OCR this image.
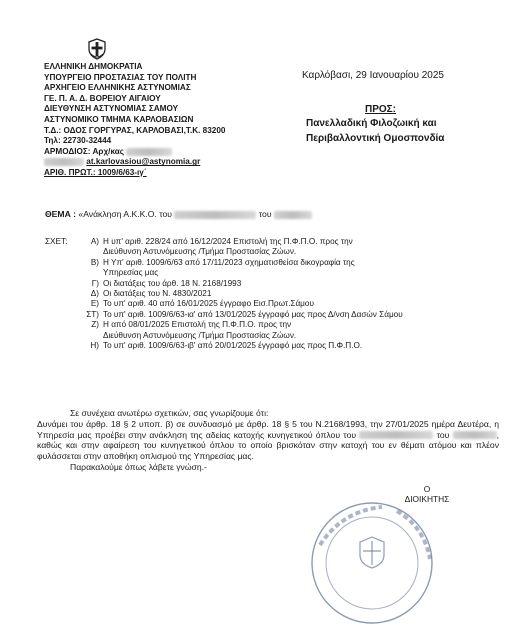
ΕΛΛΗΝΙΚΗ ΔΗΜΟΚΡΑΤΙΑ
ΥΠΟΥΡΓΕΙΟ ΠΡΟΣΤΑΣΙΑΣ ΤΟΥ ΠΟΛΙΤΗ
ΑΡΧΗΓΕΙΟ ΕΛΛΗΝΙΚΗΣ ΑΣΤΥΝΟΜΙΑΣ
ΓΕ. Π. Α. Δ. ΒΟΡΕΙΟΥ ΑΙΓΑΙΟΥ
ΔΙΕΥΘΥΝΣΗ ΑΣΤΥΝΟΜΙΑΣ ΣΑΜΟΥ
ΑΣΤΥΝΟΜΙΚΟ ΤΜΗΜΑ ΚΑΡΛΟΒΑΣΙΩΝ
Τ.Δ.: ΟΔΟΣ ΓΟΡΓΥΡΑΣ, ΚΑΡΛΟΒΑΣΙ,Τ.Κ. 83200
Τηλ: 22730-32444
ΑΡΜΟΔΙΟΣ: Αρχ/κας
at.karlovasiou@astynomia.gr
ΑΡΙΘ. ΠΡΩΤ.: 1009/6/63-ιγ΄
Καρλόβασι, 29 Ιανουαρίου 2025
ΠΡΟΣ:
Πανελλαδική Φιλοζωική και
Περιβαλλοντική Ομοσπονδία
ΘΕΜΑ : «Ανάκληση Α.Κ.Κ.Ο. του	του
ΣΧΕΤ:	Α) Η υπ' αριθ. 228/24 από 16/12/2024 Επιστολή της Π.Φ.Π.Ο. προς την
Διεύθυνση Αστυνόμευσης /Τμήμα Προστασίας Ζώων.
Β) Η Υπ' αριθ. 1009/6/63 από 17/11/2023 σχηματισθείσα δικογραφία της
Υπηρεσίας μας
Γ) Οι διατάξεις του άρθ. 18 Ν. 2168/1993
Δ) Οι διατάξεις του Ν. 4830/2021
Ε) Το υπ' αριθ. 40 από 16/01/2025 έγγραφο Εισ.Πρωτ.Σάμου
ΣΤ) Το υπ' αριθ. 1009/6/63-ια' από 13/01/2025 έγγραφό μας προς Δ/νση Δασών Σάμου
Ζ) Η από 08/01/2025 Επιστολή της Π.Φ.Π.Ο. προς την
Διεύθυνση Αστυνόμευσης /Τμήμα Προστασίας Ζώων.
Η) Το υπ' αριθ. 1009/6/63-ιβ' από 20/01/2025 έγγραφό μας προς Π.Φ.Π.Ο.
Σε συνέχεια ανωτέρω σχετικών, σας γνωρίζουμε ότι:
Δυνάμει του άρθρ. 18 § 2 υποπ. β) σε συνδυασμό με άρθρ. 18 § 5 του Ν.2168/1993, την 27/01/2025 ημέρα Δευτέρα, η Υπηρεσία μας προέβει στην ανάκληση της αδείας κατοχής κυνηγετικού όπλου του	του	, καθώς και στην αφαίρεση του κυνηγετικού όπλου το οποίο βρισκόταν στην κατοχή του εν θέματι ατόμου και πλέον φυλάσσεται στην αποθήκη οπλισμού της Υπηρεσίας μας.
Παρακαλούμε όπως λάβετε γνώση.-
Ο
ΔΙΟΙΚΗΤΗΣ
